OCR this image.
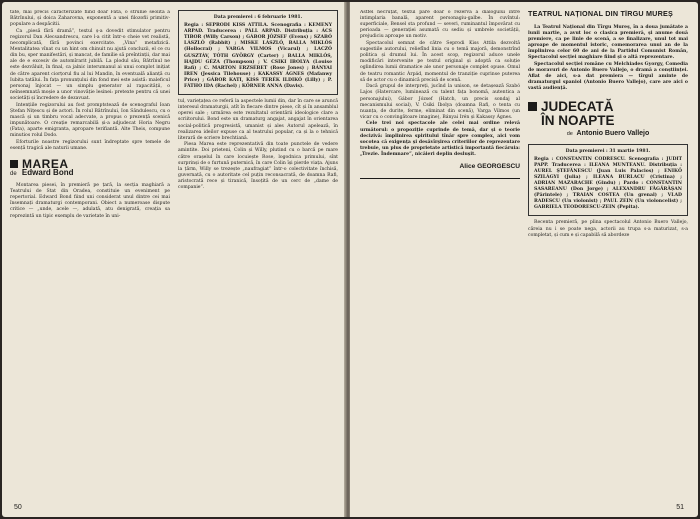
tate, mai precis caracterizate fiind doar Fata, o strunie seolită a Bătrînului, și doica Zaharovna, exponentă a unei filozofii primitiv-populare a despăcitii.

Ca „piesă fără dramă”, textul ș-a dovedit stimulator pentru regizorul Dan Alecsandrescu, care l-a citit într-o cheie vet realistă, necomplicată, fără povinci exercitate. „Vina” metafizică. Mentalitatea vînat cu un hint om chinuit nu ajută concluzii, el ce cu din bu, sper manifestări, și mancat, de familie să preîntinții, dar mai ale de e excesiv de automîrarit jubilă. La plodul său, Bătrînul ne este dezvăluit, în final, ca jalnic interumanul ai unui complot inițiat de către aparent ciorțorul fiu al lui Mandin, în eventuală alianță cu Iubita tatălui. În fața pronunțului din fond mei este asistă: maleficul personaj înjocat — un simplu generator al rapacității, o neînsemnată moșie a unor vinovăție lesinei: pretexte pentru că unei societăți și încredere de dezavuat.

Intențiile regizorului au fost promptstează de scenograful Ioan Ștefan Nițescu și de actori. În rolul Bătrînului, Ion Săndulescu, cu o mască și un timbru vocal adecvate, a propus o prezență scenică impunătoare. O creație remarcabilă și-a adjudecat Horia Negru (Fata), aparte emigranta, apropare terifiantă. Alte Theis, compune minutios rolul Dodo.

Eforturile noastre regizorului sunt îndreptate spre temele de esență tragică ale naturii umane.

MAREA
de Edward Bond

Montarea piesei, în premieră pe țară, la secția maghiară a Teatrului de Stat din Oradea, constituie un eveniment pe repertorial. Edward Bond fiind uni considerat unul dintre cei mai însemnați dramaturgi contemporani. Obiect a numeroase dispute critice — „unde, acele —, adulată, atu denigrată, creația sa reprezintă un tipic exemplu de varietate în uni-

Data premierei : 6 februarie 1981.
Regia : SEPRODI KISS ATTILA. Scenografia : KEMENY ARPAD. Traducerea : PÁLL ARPAD. Distribuția : ÁCS TIBOR (Willy Carson) ; GÁBOR JÓZSEF (Evens) ; SZABÓ LÁSZLÓ (Rabbit) ; MISKE LÁSZLÓ, BALLA MIKLÓS (Hollocrai) ; VARGA VILMOS (Vicarul) ; LACZÓ GUSZTÁV, TÓTH GYÖRGY (Carter) ; BALLA MIKLÓS, HAJDU GÉZA (Thompson) ; V. CSIKI IBOLYA (Louise Rafi) ; C. MARTON ERZSÉBET (Rose Jones) ; BÁNYAI IREN (Jessica Tilehouse) ; KAKASSY ÁGNES (Mafanwy Price) ; GÁBOR KATI, KISS TERÉK ILDIKÓ (Lilly) ; P. FÁTHO IDA (Rachel) ; KÖRNER ANNA (Davis).

tul, variețațea ce referă la aspectele lumii din, dar în care se aruncă interesul dramaturgii, atît în fiecare dintre piese, cît și în ansamblul operei sale ; urmărea este rezultatul orientării ideologice clare a scriitorului. Bond este un dramaturg angajat, angajat în orientarea social-politică progresistă, umanist și ales Autorul apelează, în realizarea ideilor expuse ca al teatrului popular, ca și la o tehnică literară de scriere brechtiană.

Piesa Marea este reprezentativă din toate punctele de vedere amintite. Doi prieteni, Colin și Willy, plutind cu o barcă pe mare către orașelul în care locuiește Rose, logodnica primului, sînt surprinși de o furtună puternică, în care Colin își pierde viața. Ajuns la țărm, Willy se trezește „naufragiat” într-o colectivitate închisă, guvernată, cu o autoritate cel puțin reconsacrată, de doamna Rafi, aristocrată rece și tiranică, însoțită de un cerc de „dame de companie”.

50

Astfel necruțat, textul pare doar o rezervă a dialogului între intimplaria banală, aparent personagiu-galbe. În cuvîntul: superficiale, Bensel sta profund — severi, ruminantul împovărat cu perioada — generației asumată cu sediu și umbrele societății, prejudiciu aproape un motiv.

Spectacolul semnat de către Seprodi Kiss Attila dezvoltă sugestiile autorului, reliefînd linia cu o temă majoră, demonstrînd politica și drumul lui. În acest scop, regizorul aduce unele modificări intervenite pe textul original și adoptă ca soluție oglindirea lumii dramatice ale unor personaje complet opuse. Omul de teatru romantic Árpád, momentul de tranziție cuprinse puterea să de actor cu o dinamică precisă de scenă.

Dacă grupul de interpreți, jucînd la unison, se detașează Szabó Lajos (Hatercare, luminează cu talent fața bonomă, autentica a personajului), Gábor József (Hatch, un precis sondaj al mecanismului social), V. Csiki Ibolya (doamna Rafi, o tenta cu nuanța, de durite, ferme, eliminat din scenă), Varga Vilmos (un vicar cu o convingătoare imagine), Bányai Irén și Kakassy Ágnes.

Cele trei noi spectacole ale celei mai ordine relevă următorul: o propoziție cuprinde de temă, dar și o teorie decizivă: împlinirea spiritului tînăr spre complex, aici vom socotea că exigența și desăvîrșirea criteriilor de reprezentare trebuie, un plus de proprietate artistică importantă fiecăruia: „Trezie. Îndemnare”, nicăieri deplin deslușit.

Alice GEORGESCU
TEATRUL NAȚIONAL DIN TÎRGU MUREȘ

La Teatrul Național din Tîrgu Mureș, în a doua jumătate a lunii martie, a avut loc o clasica premieră, și anume două premiere, ca pe linie de scenă, a se finalizare, unul tot mai aproape de momentul istoric, comemorarea unui an de la împlinirea celor 60 de ani de la Partidul Comunist Român, Spectacolul secției maghiare fiind și o altă reprezentare.

Spectacolul secției române cu Melchiades Gyorgy, Comedia de moravuri de Antonio Buero Vallejo, o dramă a conștiinței. Aflat de aici, s-a dat premiera — tîrgul aminte de dramaturgul spaniol (Antonio Buero Vallejo), care are aici o vastă audiență.

JUDECATĂ
ÎN NOAPTE
de Antonio Buero Vallejo
Data premierei : 31 martie 1981.
Regia : CONSTANTIN CODRESCU. Scenografia : JUDIT PAPP. Traducerea : ILEANA MUNTEANU. Distribuția : AUREL ȘTEFĂNESCU (Juan Luis Palacios) ; ENIKŐ SZILÁGYI (Julia) ; ILEANA BURLACU (Cristina) ; ADRIAN MAZARACHE (Gindu) ; Pardo : CONSTANTIN SASAREANU (Don Jorge) ; ALEXANDRU FĂGĂRĂȘAN (Părintele) ; TRAIAN COSTEA (Un grenal) ; VLAD RADESCU (Un violonist) ; PAUL ZEIN (Un violoncelist) ; GABRIELA TEODORESCU-ZEIN (Pepita).

Recenta premieră, pe plina spectacolul Antonio Buero Vallejo, căreia nu i se poate nega, actorii au trupa s-a maturizat, s-a completat, și cum e și capabilă să abordeze

51
